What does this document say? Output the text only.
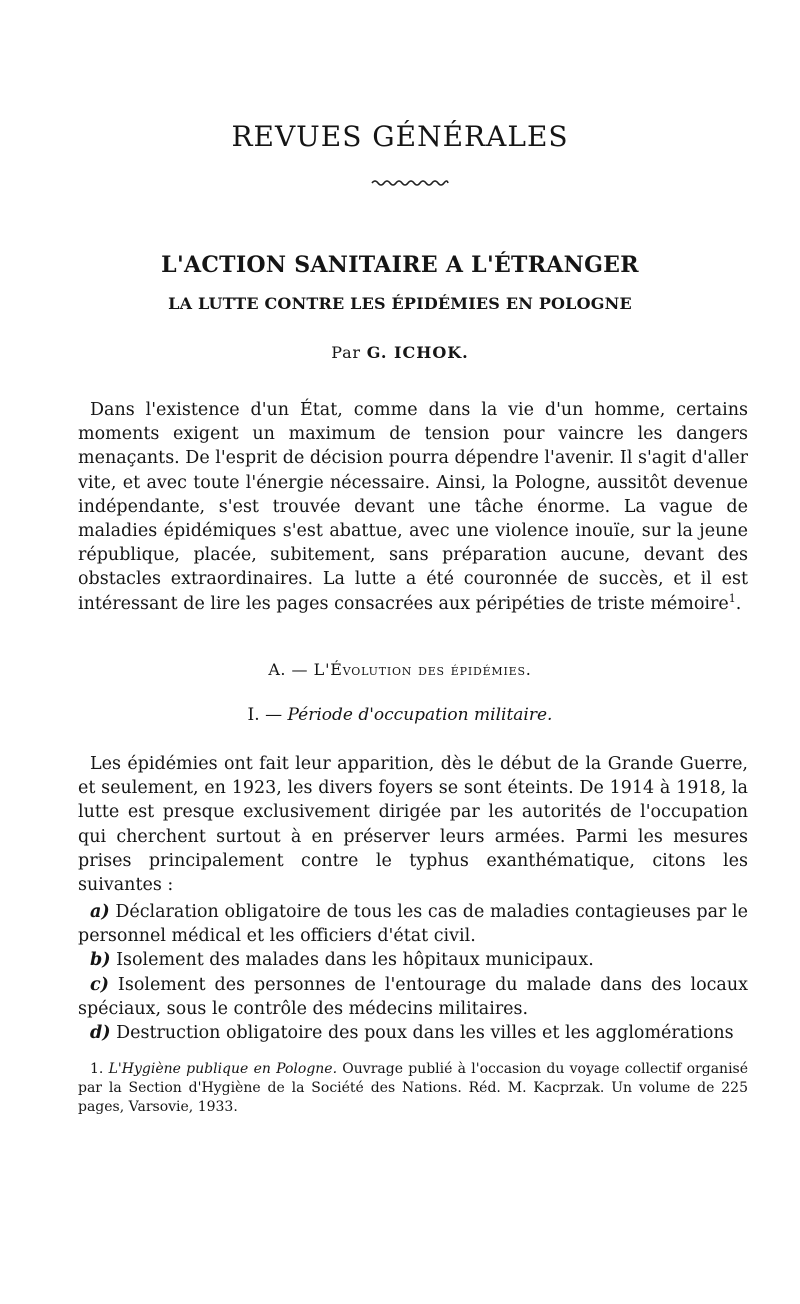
REVUES GÉNÉRALES
L'ACTION SANITAIRE A L'ÉTRANGER
LA LUTTE CONTRE LES ÉPIDÉMIES EN POLOGNE
Par G. ICHOK.

Dans l'existence d'un État, comme dans la vie d'un homme, certains moments exigent un maximum de tension pour vaincre les dangers menaçants. De l'esprit de décision pourra dépendre l'avenir. Il s'agit d'aller vite, et avec toute l'énergie nécessaire. Ainsi, la Pologne, aussitôt devenue indépendante, s'est trouvée devant une tâche énorme. La vague de maladies épidémiques s'est abattue, avec une violence inouïe, sur la jeune république, placée, subitement, sans préparation aucune, devant des obstacles extraordinaires. La lutte a été couronnée de succès, et il est intéressant de lire les pages consacrées aux péripéties de triste mémoire$^1$.

A. — L'Évolution des épidémies.
I. — Période d'occupation militaire.

Les épidémies ont fait leur apparition, dès le début de la Grande Guerre, et seulement, en 1923, les divers foyers se sont éteints. De 1914 à 1918, la lutte est presque exclusivement dirigée par les autorités de l'occupation qui cherchent surtout à en préserver leurs armées. Parmi les mesures prises principalement contre le typhus exanthématique, citons les suivantes :

a) Déclaration obligatoire de tous les cas de maladies contagieuses par le personnel médical et les officiers d'état civil.

b) Isolement des malades dans les hôpitaux municipaux.

c) Isolement des personnes de l'entourage du malade dans des locaux spéciaux, sous le contrôle des médecins militaires.

d) Destruction obligatoire des poux dans les villes et les agglomérations

1. L'Hygiène publique en Pologne. Ouvrage publié à l'occasion du voyage collectif organisé par la Section d'Hygiène de la Société des Nations. Réd. M. Kacprzak. Un volume de 225 pages, Varsovie, 1933.
